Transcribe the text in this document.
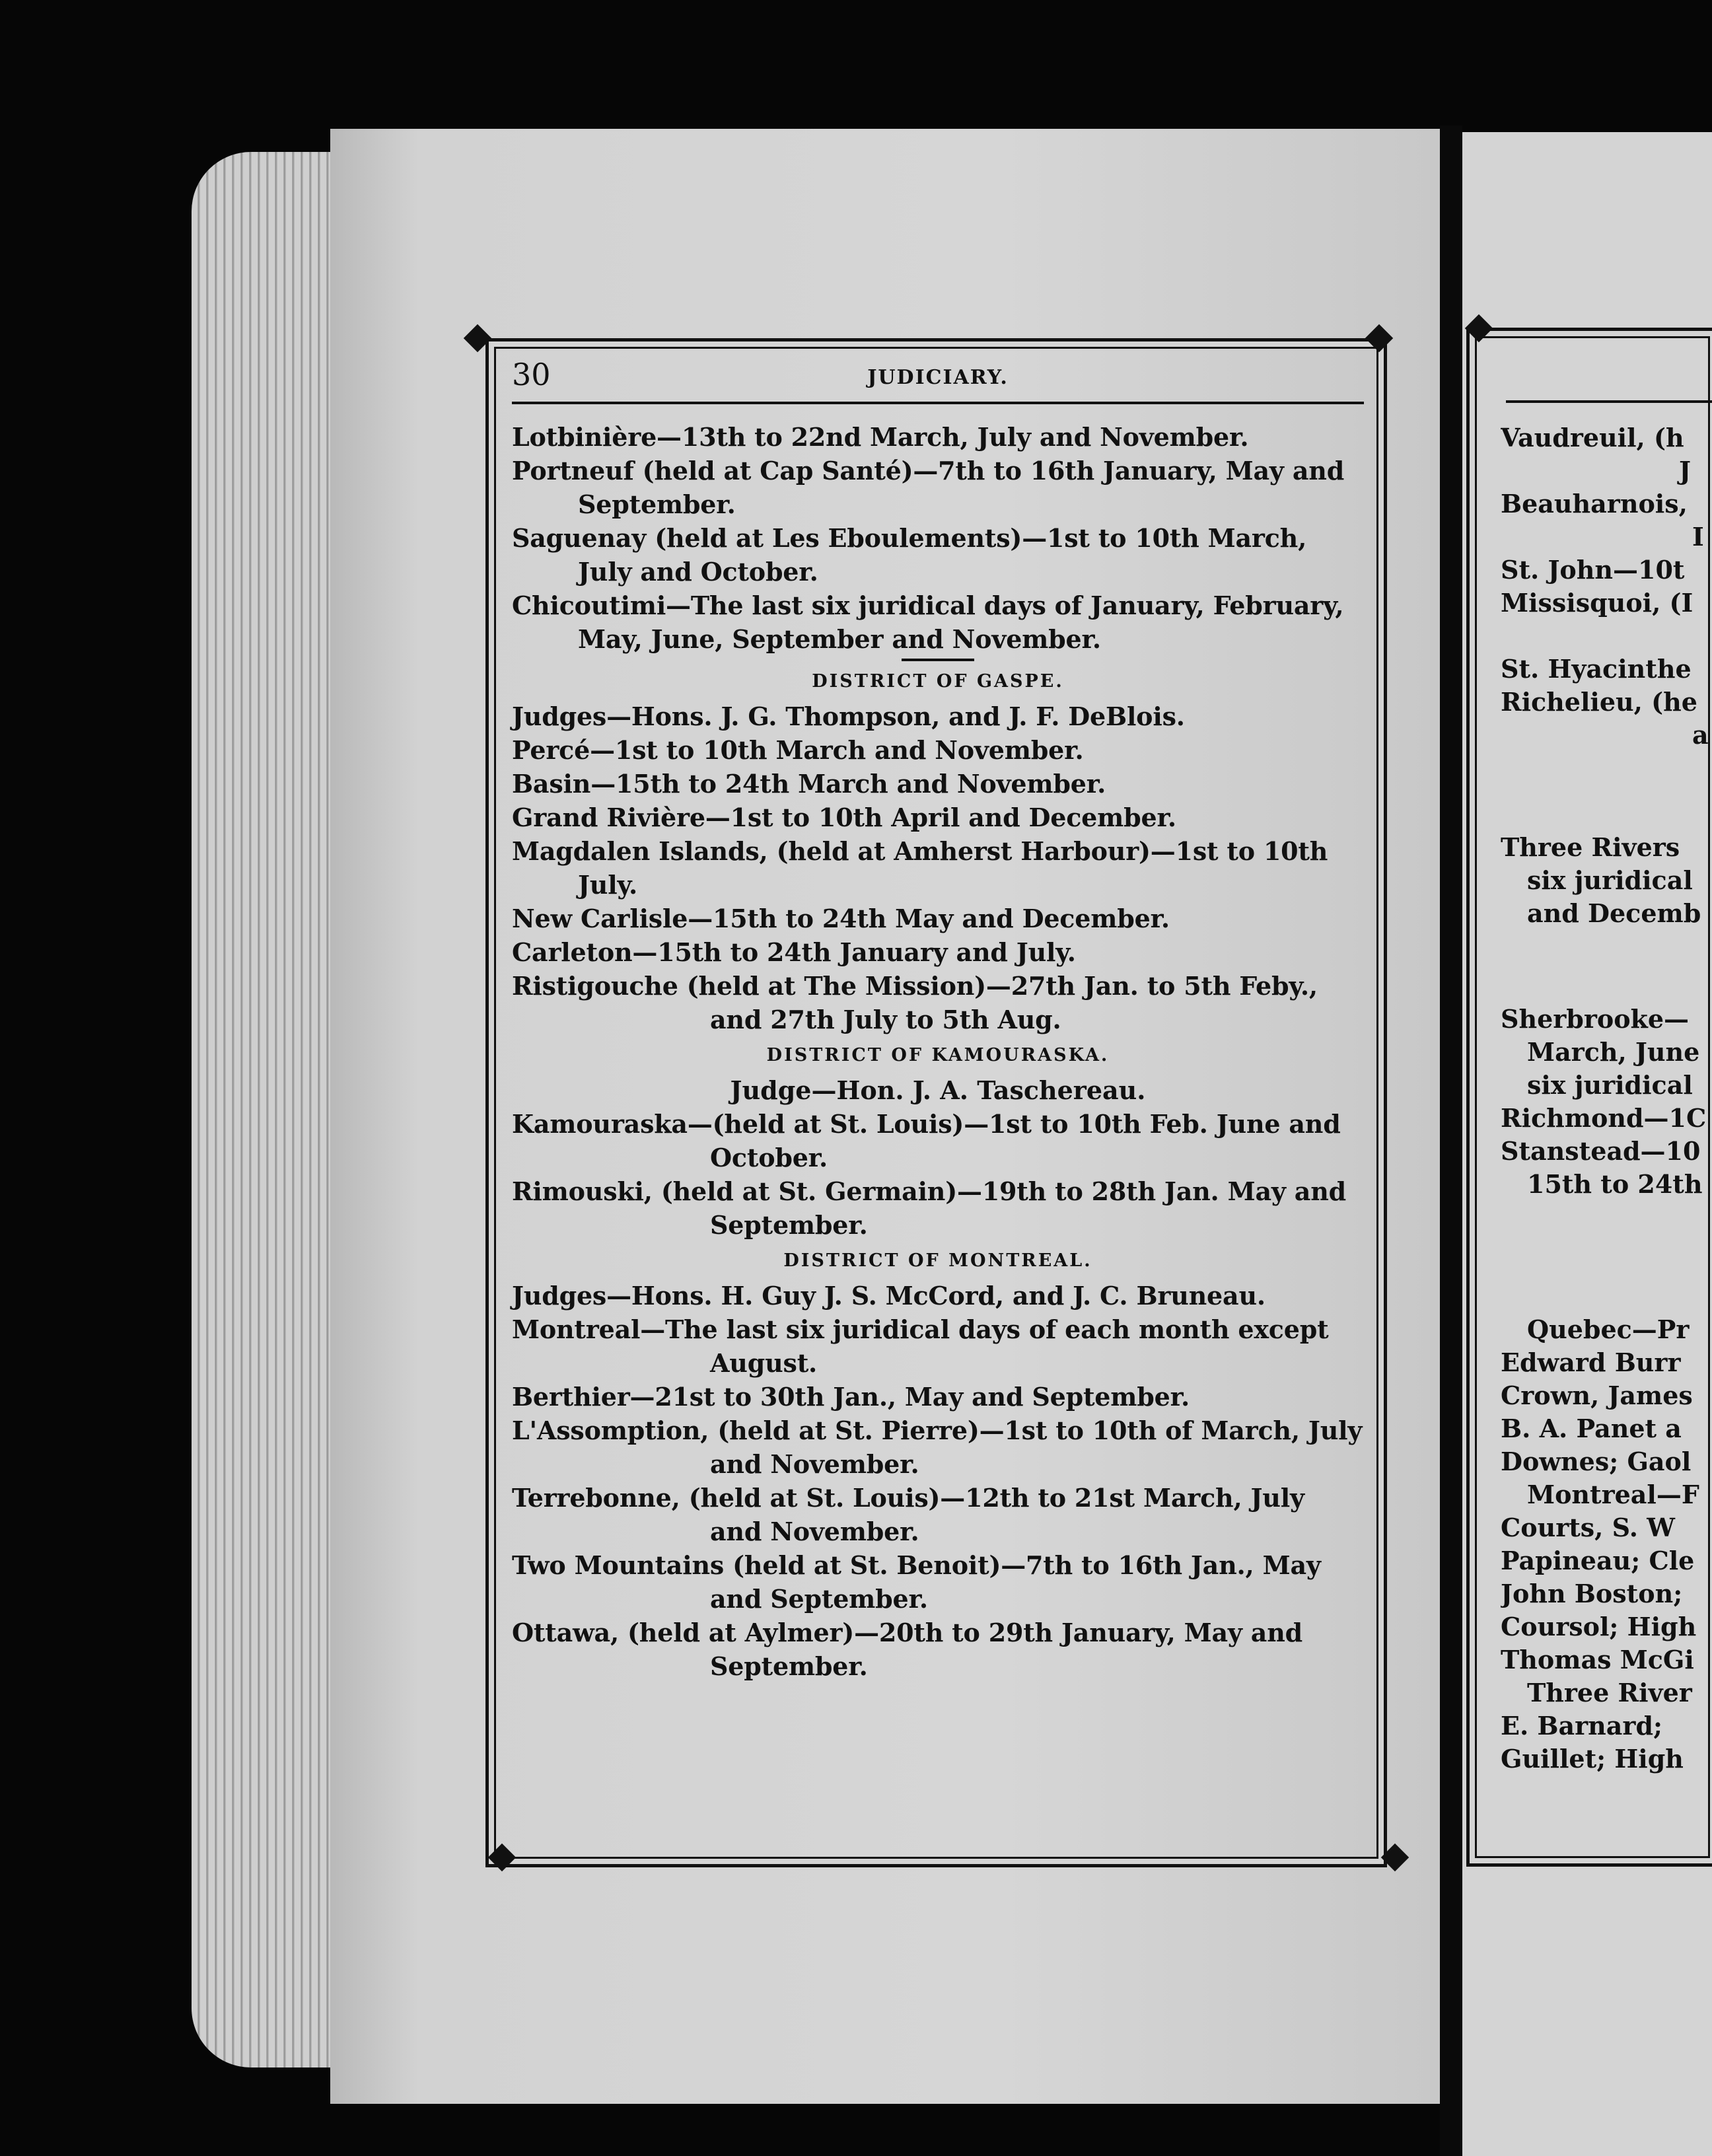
30	JUDICIARY.
Lotbinière—13th to 22nd March, July and November.
Portneuf (held at Cap Santé)—7th to 16th January, May and September.
Saguenay (held at Les Eboulements)—1st to 10th March, July and October.
Chicoutimi—The last six juridical days of January, February, May, June, September and November.
DISTRICT OF GASPE.
Judges—Hons. J. G. Thompson, and J. F. DeBlois.
Percé—1st to 10th March and November.
Basin—15th to 24th March and November.
Grand Rivière—1st to 10th April and December.
Magdalen Islands, (held at Amherst Harbour)—1st to 10th July.
New Carlisle—15th to 24th May and December.
Carleton—15th to 24th January and July.
Ristigouche (held at The Mission)—27th Jan. to 5th Feby., and 27th July to 5th Aug.
DISTRICT OF KAMOURASKA.
Judge—Hon. J. A. Taschereau.
Kamouraska—(held at St. Louis)—1st to 10th Feb. June and October.
Rimouski, (held at St. Germain)—19th to 28th Jan. May and September.
DISTRICT OF MONTREAL.
Judges—Hons. H. Guy J. S. McCord, and J. C. Bruneau.
Montreal—The last six juridical days of each month except August.
Berthier—21st to 30th Jan., May and September.
L'Assomption, (held at St. Pierre)—1st to 10th of March, July and November.
Terrebonne, (held at St. Louis)—12th to 21st March, July and November.
Two Mountains (held at St. Benoit)—7th to 16th Jan., May and September.
Ottawa, (held at Aylmer)—20th to 29th January, May and September.
Vaudreuil, (h
J
Beauharnois,
I
St. John—10t
Missisquoi, (I
St. Hyacinthe
Richelieu, (he
a
Three Rivers
six juridical
and Decemb
Sherbrooke—
March, June
six juridical
Richmond—1C
Stanstead—10
15th to 24th
Quebec—Pr
Edward Burr
Crown, James
B. A. Panet a
Downes; Gaol
Montreal—F
Courts, S. W
Papineau; Cle
John Boston;
Coursol; High
Thomas McGi
Three River
E. Barnard;
Guillet; High
